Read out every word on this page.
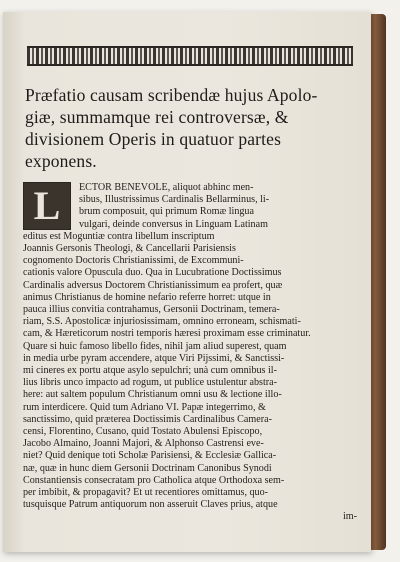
Præfatio causam scribendæ hujus Apolo-
giæ, summamque rei controversæ, &
divisionem Operis in quatuor partes
exponens.
L	ECTOR BENEVOLE, aliquot abhinc men-
sibus, Illustrissimus Cardinalis Bellarminus, li-
brum composuit, qui primum Romæ lingua
vulgari, deinde conversus in Linguam Latinam
editus est Moguntiæ contra libellum inscriptum
Joannis Gersonis Theologi, & Cancellarii Parisiensis
cognomento Doctoris Christianissimi, de Excommuni-
cationis valore Opuscula duo. Qua in Lucubratione Doctissimus
Cardinalis adversus Doctorem Christianissimum ea profert, quæ
animus Christianus de homine nefario referre horret: utque in
pauca illius convitia contrahamus, Gersonii Doctrinam, temera-
riam, S.S. Apostolicæ injuriosissimam, omnino erroneam, schismati-
cam, & Hæreticorum nostri temporis hæresi proximam esse criminatur.
Quare si huic famoso libello fides, nihil jam aliud superest, quam
in media urbe pyram accendere, atque Viri Pijssimi, & Sanctissi-
mi cineres ex portu atque asylo sepulchri; unà cum omnibus il-
lius libris unco impacto ad rogum, ut publice ustulentur abstra-
here: aut saltem populum Christianum omni usu & lectione illo-
rum interdicere. Quid tum Adriano VI. Papæ integerrimo, &
sanctissimo, quid præterea Doctissimis Cardinalibus Camera-
censi, Florentino, Cusano, quid Tostato Abulensi Episcopo,
Jacobo Almaino, Joanni Majori, & Alphonso Castrensi eve-
niet? Quid denique toti Scholæ Parisiensi, & Ecclesiæ Gallica-
næ, quæ in hunc diem Gersonii Doctrinam Canonibus Synodi
Constantiensis consecratam pro Catholica atque Orthodoxa sem-
per imbibit, & propagavit? Et ut recentiores omittamus, quo-
tusquisque Patrum antiquorum non asseruit Claves prius, atque
im-
